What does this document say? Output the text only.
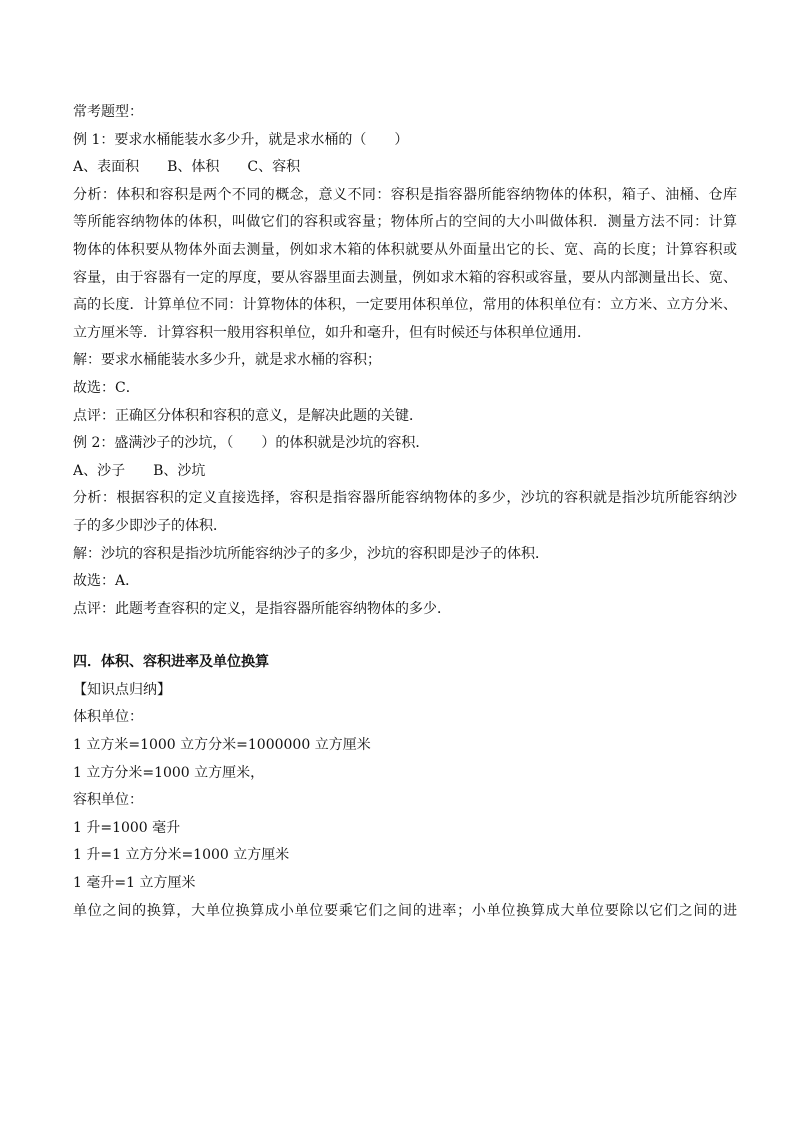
常考题型：
例 1：要求水桶能装水多少升，就是求水桶的（　　）
A、表面积　　B、体积　　C、容积
分析：体积和容积是两个不同的概念，意义不同：容积是指容器所能容纳物体的体积，箱子、油桶、仓库
等所能容纳物体的体积，叫做它们的容积或容量；物体所占的空间的大小叫做体积．测量方法不同：计算
物体的体积要从物体外面去测量，例如求木箱的体积就要从外面量出它的长、宽、高的长度；计算容积或
容量，由于容器有一定的厚度，要从容器里面去测量，例如求木箱的容积或容量，要从内部测量出长、宽、
高的长度．计算单位不同：计算物体的体积，一定要用体积单位，常用的体积单位有：立方米、立方分米、
立方厘米等．计算容积一般用容积单位，如升和毫升，但有时候还与体积单位通用．
解：要求水桶能装水多少升，就是求水桶的容积；
故选：C．
点评：正确区分体积和容积的意义，是解决此题的关键．
例 2：盛满沙子的沙坑，（　　）的体积就是沙坑的容积．
A、沙子　　B、沙坑
分析：根据容积的定义直接选择，容积是指容器所能容纳物体的多少，沙坑的容积就是指沙坑所能容纳沙
子的多少即沙子的体积．
解：沙坑的容积是指沙坑所能容纳沙子的多少，沙坑的容积即是沙子的体积．
故选：A．
点评：此题考查容积的定义，是指容器所能容纳物体的多少．
四．体积、容积进率及单位换算
【知识点归纳】
体积单位：
1 立方米=1000 立方分米=1000000 立方厘米
1 立方分米=1000 立方厘米，
容积单位：
1 升=1000 毫升
1 升=1 立方分米=1000 立方厘米
1 毫升=1 立方厘米
单位之间的换算，大单位换算成小单位要乘它们之间的进率；小单位换算成大单位要除以它们之间的进
